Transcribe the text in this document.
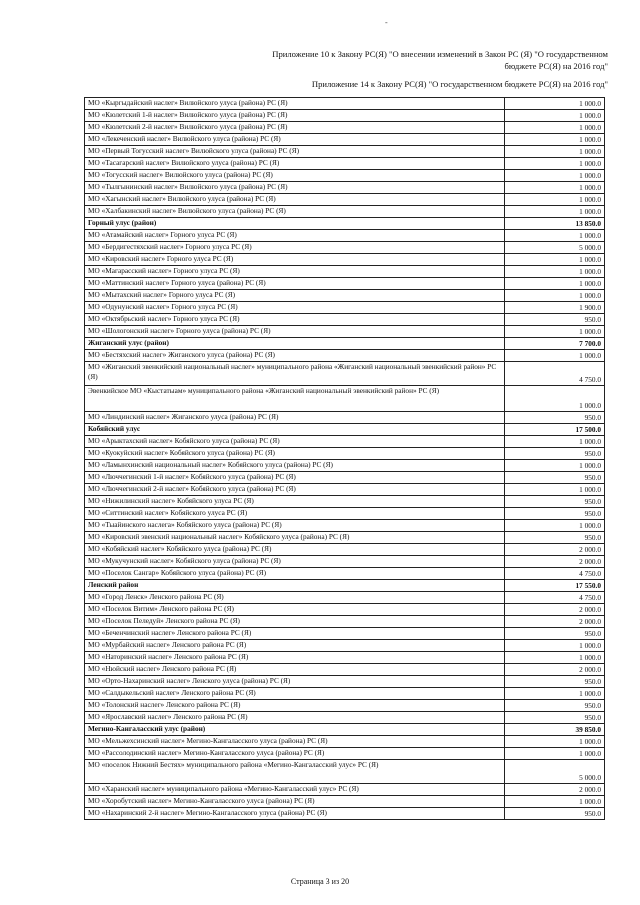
-
Приложение 10 к Закону РС(Я) "О внесении изменений в Закон РС (Я) "О государственном бюджете РС(Я) на 2016 год"
Приложение 14 к Закону РС(Я) "О государственном бюджете РС(Я) на 2016 год"
МО «Кыргыдайский наслег» Вилюйского улуса (района) РС (Я)	1 000.0
МО «Кюлетский 1-й наслег» Вилюйского улуса (района) РС (Я)	1 000.0
МО «Кюлетский 2-й наслег» Вилюйского улуса (района) РС (Я)	1 000.0
МО «Лекеченский наслег» Вилюйского улуса (района) РС (Я)	1 000.0
МО «Первый Тогусский наслег» Вилюйского улуса (района) РС (Я)	1 000.0
МО «Тасагарский наслег» Вилюйского улуса (района) РС (Я)	1 000.0
МО «Тогусский наслег» Вилюйского улуса (района) РС (Я)	1 000.0
МО «Тылгынинский наслег» Вилюйского улуса (района) РС (Я)	1 000.0
МО «Хагынский наслег» Вилюйского улуса (района) РС (Я)	1 000.0
МО «Халбакинский наслег» Вилюйского улуса (района) РС (Я)	1 000.0
Горный улус (район)	13 850.0
МО «Атамайский наслег» Горного улуса РС (Я)	1 000.0
МО «Бердигестяхский наслег» Горного улуса РС (Я)	5 000.0
МО «Кировский наслег» Горного улуса РС (Я)	1 000.0
МО «Магарасский наслег» Горного улуса РС (Я)	1 000.0
МО «Маттинский наслег» Горного улуса (района) РС (Я)	1 000.0
МО «Мытахский наслег» Горного улуса РС (Я)	1 000.0
МО «Одунунский наслег» Горного улуса РС (Я)	1 900.0
МО «Октябрьский наслег» Горного улуса РС (Я)	950.0
МО «Шологонский наслег» Горного улуса (района) РС (Я)	1 000.0
Жиганский улус (район)	7 700.0
МО «Бестяхский наслег» Жиганского улуса (района) РС (Я)	1 000.0
МО «Жиганский эвенкийский национальный наслег» муниципального района «Жиганский национальный эвенкийский район» РС (Я)	4 750.0
Эвенкийское МО «Кыстатыам» муниципального района «Жиганский национальный эвенкийский район» РС (Я)	1 000.0
МО «Линдинский наслег» Жиганского улуса (района) РС (Я)	950.0
Кобяйский улус	17 500.0
МО «Арыктахский наслег» Кобяйского улуса (района) РС (Я)	1 000.0
МО «Куокуйский наслег» Кобяйского улуса (района) РС (Я)	950.0
МО «Ламынхинский национальный наслег» Кобяйского улуса (района) РС (Я)	1 000.0
МО «Люччегинский 1-й наслег» Кобяйского улуса (района) РС (Я)	950.0
МО «Люччегинский 2-й наслег» Кобяйского улуса (района) РС (Я)	1 000.0
МО «Нижилинский наслег» Кобяйского улуса РС (Я)	950.0
МО «Ситтинский наслег» Кобяйского улуса РС (Я)	950.0
МО «Тыайинского наслега» Кобяйского улуса (района) РС (Я)	1 000.0
МО «Кировский эвенский национальный наслег» Кобяйского улуса (района) РС (Я)	950.0
МО «Кобяйский наслег» Кобяйского улуса (района) РС (Я)	2 000.0
МО «Мукучунский наслег» Кобяйского улуса (района) РС (Я)	2 000.0
МО «Поселок Сангар» Кобяйского улуса (района) РС (Я)	4 750.0
Ленский район	17 550.0
МО «Город Ленск» Ленского района РС (Я)	4 750.0
МО «Поселок Витим» Ленского района РС (Я)	2 000.0
МО «Поселок Пеледуй» Ленского района РС (Я)	2 000.0
МО «Беченчинский наслег» Ленского района РС (Я)	950.0
МО «Мурбайский наслег» Ленского района РС (Я)	1 000.0
МО «Наторинский наслег» Ленского района РС (Я)	1 000.0
МО «Нюйский наслег» Ленского района РС (Я)	2 000.0
МО «Орто-Нахаринский наслег» Ленского улуса (района) РС (Я)	950.0
МО «Салдыкельский наслег» Ленского района РС (Я)	1 000.0
МО «Толонский наслег» Ленского района РС (Я)	950.0
МО «Ярославский наслег» Ленского района РС (Я)	950.0
Мегино-Кангаласский улус (район)	39 850.0
МО «Мельжехсинский наслег» Мегино-Кангаласского улуса (района) РС (Я)	1 000.0
МО «Рассолодинский наслег» Мегино-Кангаласского улуса (района) РС (Я)	1 000.0
МО «поселок Нижний Бестях» муниципального района «Мегино-Кангаласский улус» РС (Я)	5 000.0
МО «Харанский наслег» муниципального района «Мегино-Кангаласский улус» РС (Я)	2 000.0
МО «Хоробутский наслег» Мегино-Кангаласского улуса (района) РС (Я)	1 000.0
МО «Нахаринский 2-й наслег» Мегино-Кангаласского улуса (района) РС (Я)	950.0
Страница 3 из 20
